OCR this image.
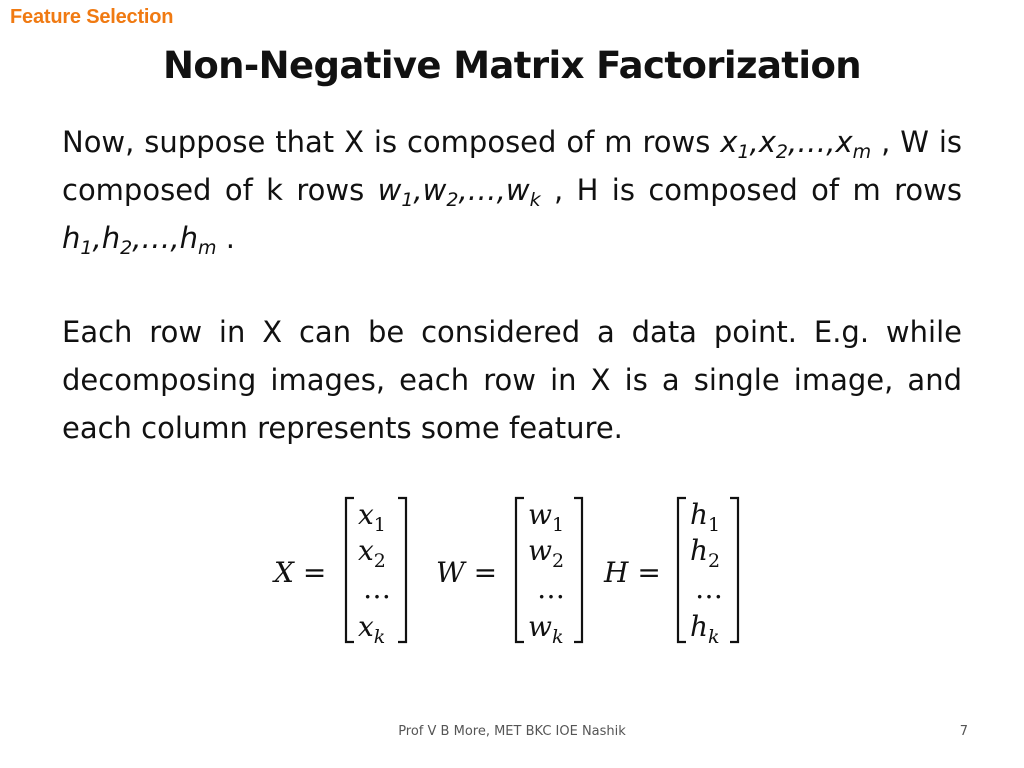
Feature Selection
Non-Negative Matrix Factorization

Now, suppose that X is composed of m rows $x_1,x_2,\dots,x_m$ , W is composed of k rows $w_1,w_2,\dots,w_k$ , H is composed of m rows $h_1,h_2,\dots,h_m$ .

Each row in X can be considered a data point. E.g. while decomposing images, each row in X is a single image, and each column represents some feature.

X =
$x_1$
$x_2$
…
$x_k$
W =
$w_1$
$w_2$
…
$w_k$
H =
$h_1$
$h_2$
…
$h_k$
Prof V B More, MET BKC IOE Nashik	7
